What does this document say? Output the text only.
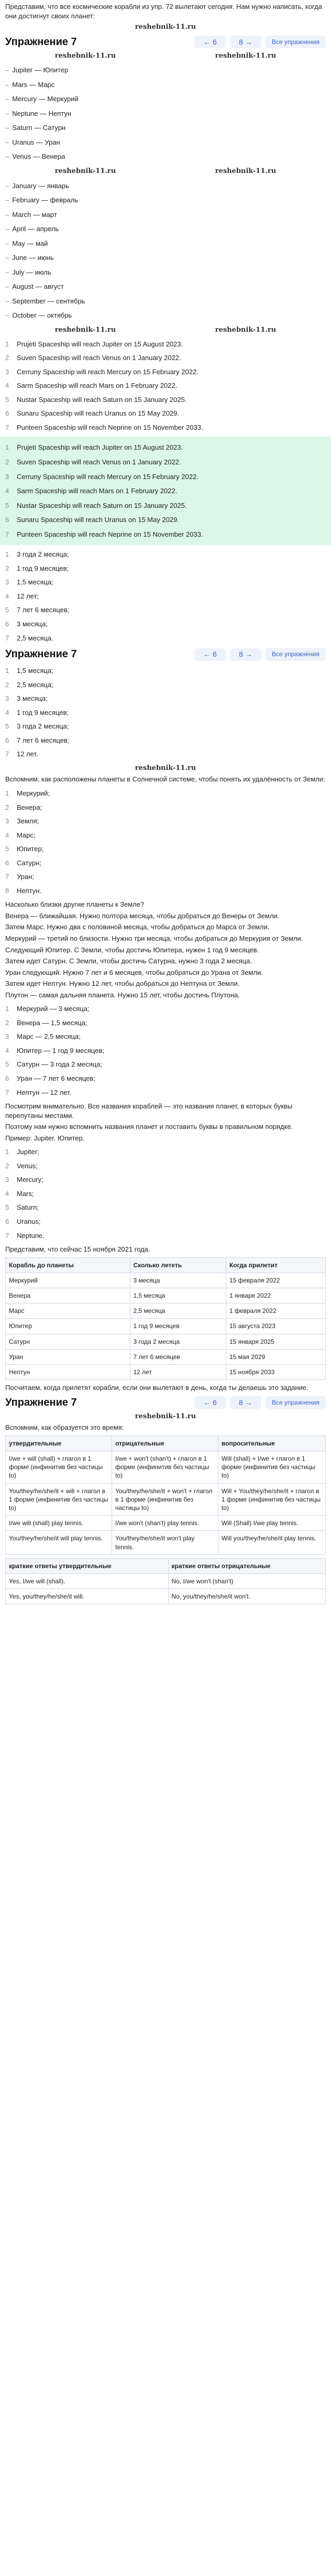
Представим, что все космические корабли из упр. 72 вылетают сегодня. Нам нужно написать, когда они достигнут своих планет:

reshebnik-11.ru
Упражнение 7	← 6	8 →	Все упражнения
reshebnik-11.ru	reshebnik-11.ru
– Jupiter — Юпитер
– Mars — Марс
– Mercury — Меркурий
– Neptune — Нептун
– Saturn — Сатурн
– Uranus — Уран
– Venus — Венера
reshebnik-11.ru	reshebnik-11.ru
– January — январь
– February — февраль
– March — март
– April — апрель
– May — май
– June — июнь
– July — июль
– August — август
– September — сентябрь
– October — октябрь
reshebnik-11.ru	reshebnik-11.ru
1	Prujeti Spaceship will reach Jupiter on 15 August 2023.
2	Suven Spaceship will reach Venus on 1 January 2022.
3	Cerruny Spaceship will reach Mercury on 15 February 2022.
4	Sarm Spaceship will reach Mars on 1 February 2022.
5	Nustar Spaceship will reach Saturn on 15 January 2025.
6	Sunaru Spaceship will reach Uranus on 15 May 2029.
7	Punteen Spaceship will reach Neprine on 15 November 2033.
1	Prujeti Spaceship will reach Jupiter on 15 August 2023.
2	Suven Spaceship will reach Venus on 1 January 2022.
3	Cerruny Spaceship will reach Mercury on 15 February 2022.
4	Sarm Spaceship will reach Mars on 1 February 2022.
5	Nustar Spaceship will reach Saturn on 15 January 2025.
6	Sunaru Spaceship will reach Uranus on 15 May 2029.
7	Punteen Spaceship will reach Neprine on 15 November 2033.
1	3 года 2 месяца;
2	1 год 9 месяцев;
3	1,5 месяца;
4	12 лет;
5	7 лет 6 месяцев;
6	3 месяца;
7	2,5 месяца.
Упражнение 7	← 6	8 →	Все упражнения
1	1,5 месяца;
2	2,5 месяца;
3	3 месяца;
4	1 год 9 месяцев;
5	3 года 2 месяца;
6	7 лет 6 месяцев;
7	12 лет.
reshebnik-11.ru

Вспомним, как расположены планеты в Солнечной системе, чтобы понять их удалённость от Земли:

1	Меркурий;
2	Венера;
3	Земля;
4	Марс;
5	Юпитер;
6	Сатурн;
7	Уран;
8	Нептун.

Насколько близки другие планеты к Земле?

Венера — ближайшая. Нужно полтора месяца, чтобы добраться до Венеры от Земли.

Затем Марс. Нужно два с половиной месяца, чтобы добраться до Марса от Земли.

Меркурий — третий по близости. Нужно три месяца, чтобы добраться до Меркурия от Земли.

Следующий Юпитер. С Земли, чтобы достичь Юпитера, нужен 1 год 9 месяцев.

Затем идет Сатурн. С Земли, чтобы достичь Сатурна, нужно 3 года 2 месяца.

Уран следующий. Нужно 7 лет и 6 месяцев, чтобы добраться до Урана от Земли.

Затем идет Нептун. Нужно 12 лет, чтобы добраться до Нептуна от Земли.

Плутон — самая дальняя планета. Нужно 15 лет, чтобы достичь Плутона.

1	Меркурий — 3 месяца;
2	Венера — 1,5 месяца;
3	Марс — 2,5 месяца;
4	Юпитер — 1 год 9 месяцев;
5	Сатурн — 3 года 2 месяца;
6	Уран — 7 лет 6 месяцев;
7	Нептун — 12 лет.

Посмотрим внимательно. Все названия кораблей — это названия планет, в которых буквы перепутаны местами.

Поэтому нам нужно вспомнить названия планет и поставить буквы в правильном порядке.

Пример: Jupiter. Юпитер.

1	Jupiter;
2	Venus;
3	Mercury;
4	Mars;
5	Saturn;
6	Uranus;
7	Neptune.

Представим, что сейчас 15 ноября 2021 года.

Корабль до планеты	Сколько лететь	Когда прилетит
Меркурий	3 месяца	15 февраля 2022
Венера	1,5 месяца	1 января 2022
Марс	2,5 месяца	1 февраля 2022
Юпитер	1 год 9 месяцев	15 августа 2023
Сатурн	3 года 2 месяца	15 января 2025
Уран	7 лет 6 месяцев	15 мая 2029
Нептун	12 лет	15 ноября 2033

Посчитаем, когда прилетят корабли, если они вылетают в день, когда ты делаешь это задание.

Упражнение 7	← 6	8 →	Все упражнения
reshebnik-11.ru

Вспомним, как образуется это время:

утвердительные	отрицательные	вопросительные
I/we + will (shall) + глагол в 1 форме (инфинитив без частицы to)	I/we + won't (shan't) + глагол в 1 форме (инфинитив без частицы to)	Will (shall) + I/we + глагол в 1 форме (инфинитив без частицы to)
You/they/he/she/it + will + глагол в 1 форме (инфинитив без частицы to)	You/they/he/she/it + won't + глагол в 1 форме (инфинитив без частицы to)	Will + You/they/he/she/it + глагол в 1 форме (инфинитив без частицы to)
I/we will (shall) play tennis.	I/we won't (shan't) play tennis.	Will (Shall) I/we play tennis.
You/they/he/she/it will play tennis.	You/they/he/she/it won't play tennis.	Will you/they/he/she/it play tennis.
краткие ответы утвердительные	краткие ответы отрицательные
Yes, I/we will (shall).	No, I/we won't (shan't)
Yes, you/they/he/she/it will.	No, you/they/he/she/it won't.
